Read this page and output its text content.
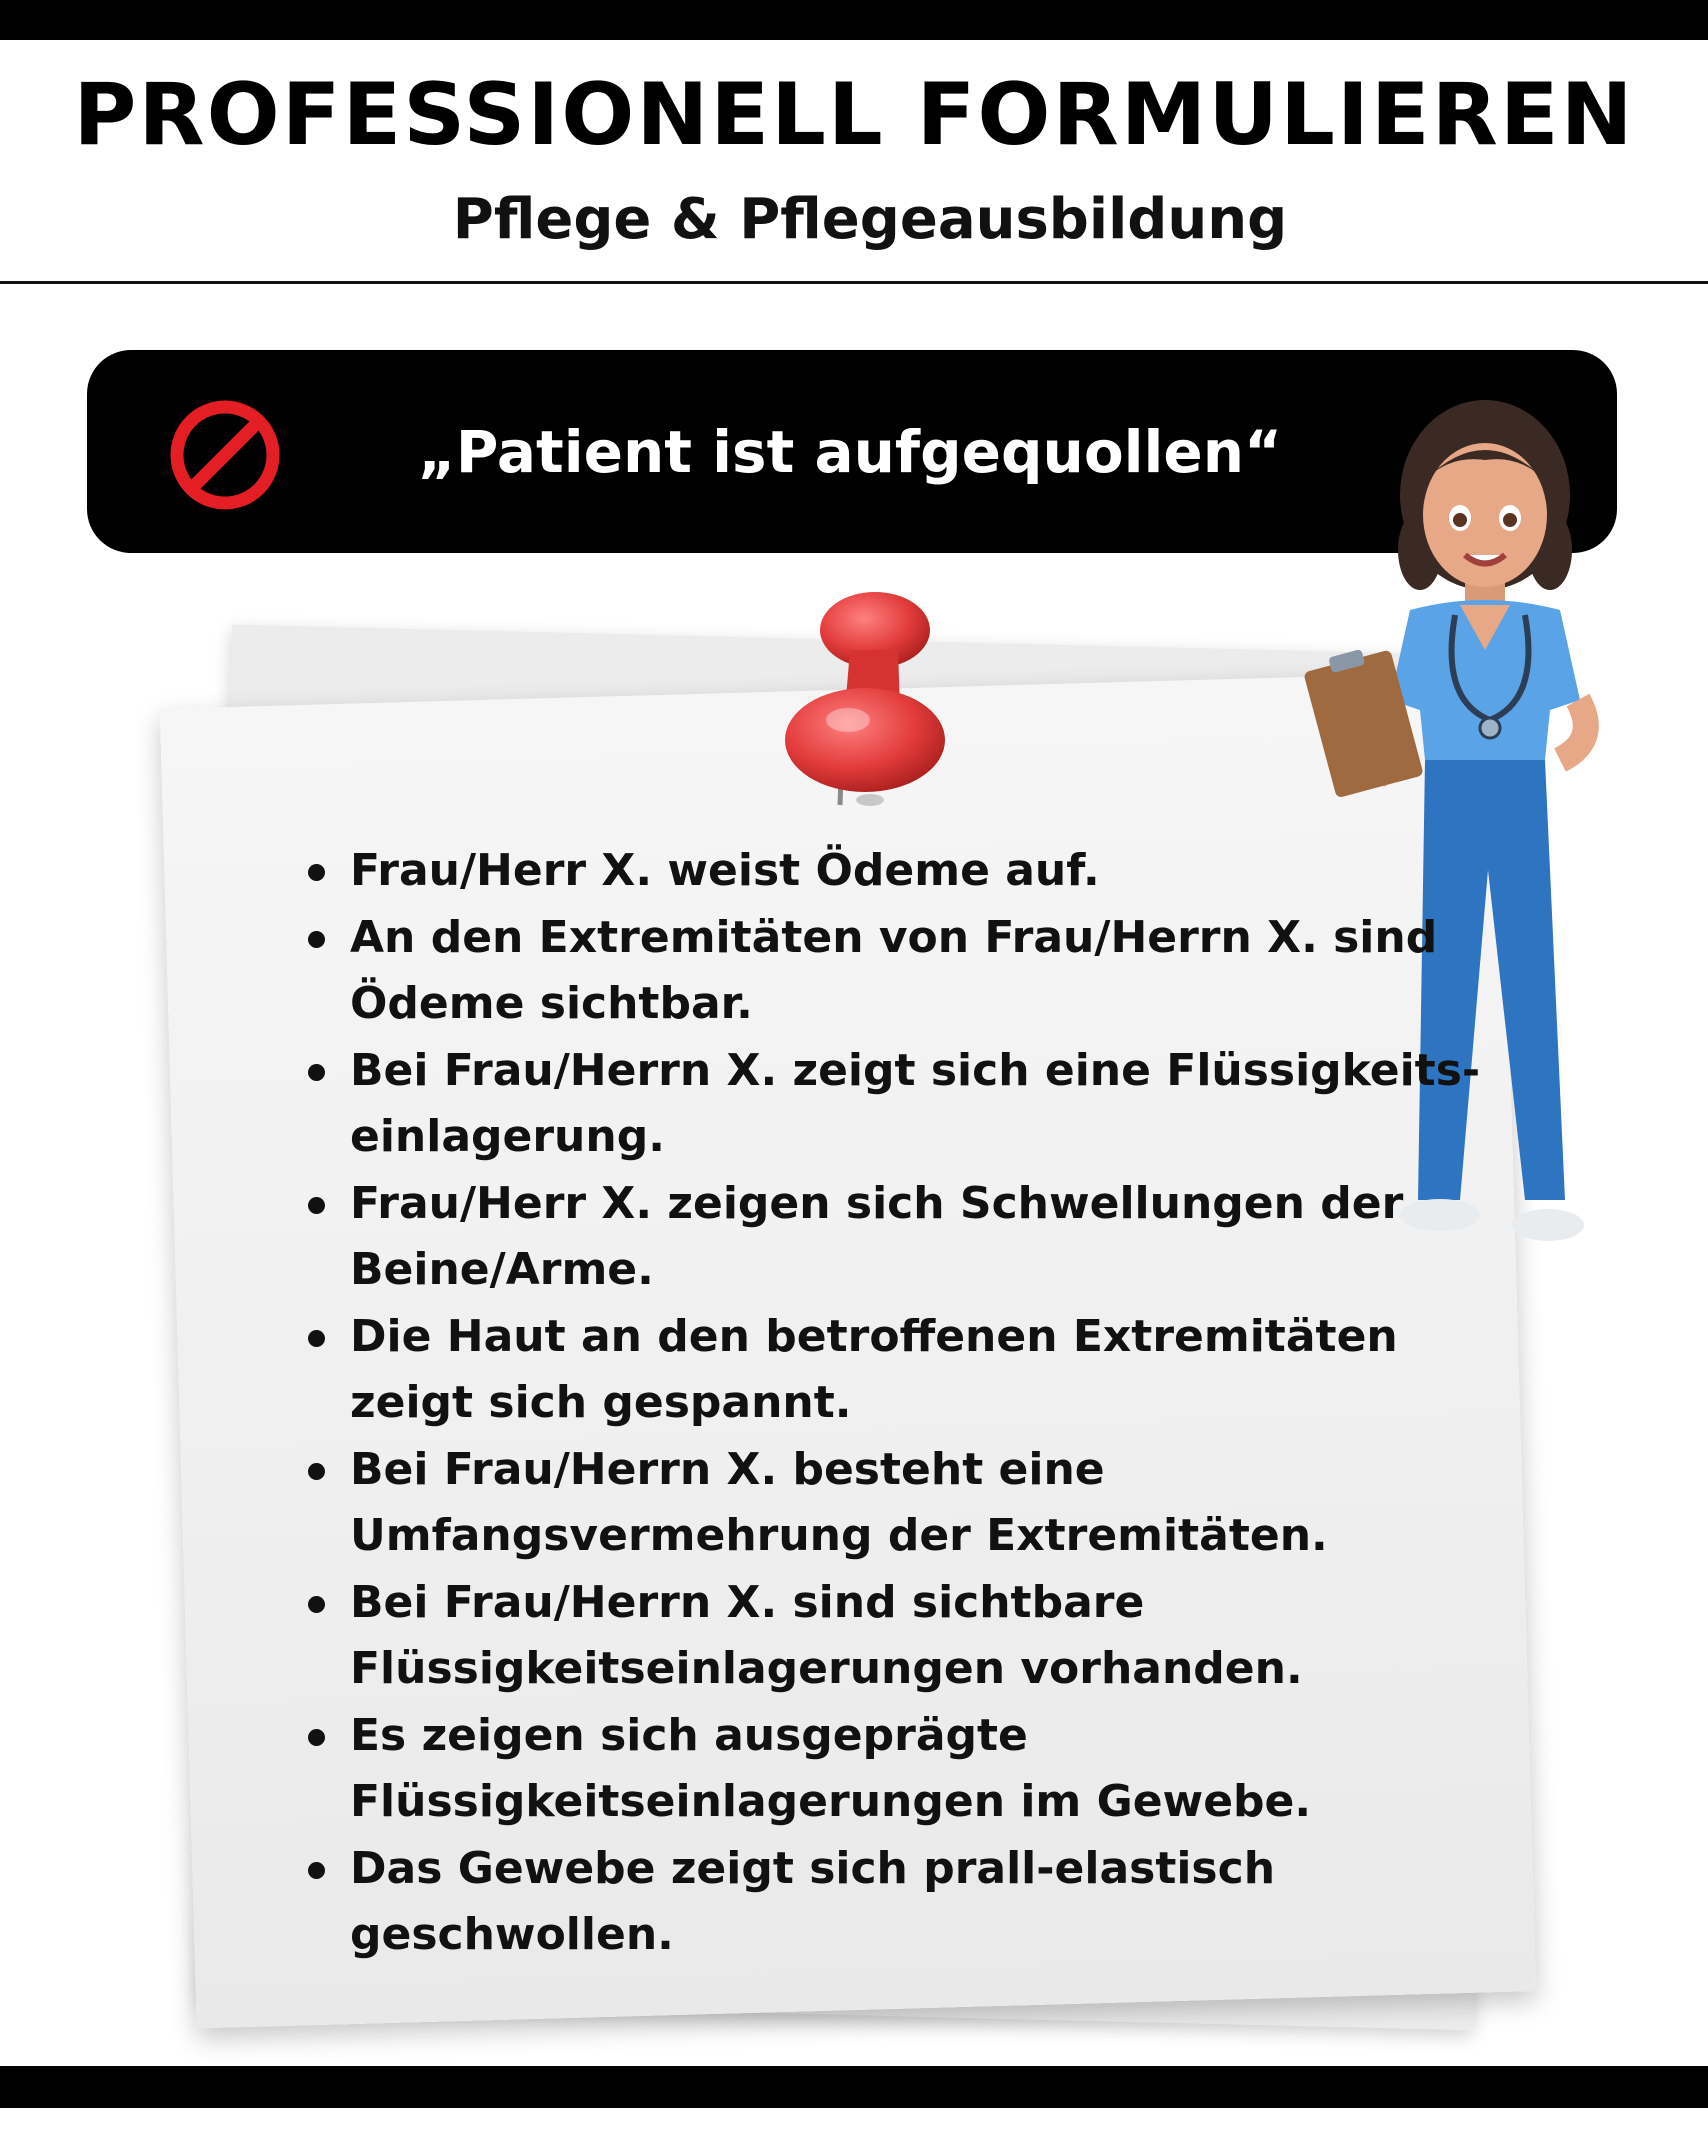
PROFESSIONELL FORMULIEREN
Pflege & Pflegeausbildung
„Patient ist aufgequollen“
Frau/Herr X. weist Ödeme auf.
An den Extremitäten von Frau/Herrn X. sind Ödeme sichtbar.
Bei Frau/Herrn X. zeigt sich eine Flüssigkeits- einlagerung.
Frau/Herr X. zeigen sich Schwellungen der Beine/Arme.
Die Haut an den betroffenen Extremitäten zeigt sich gespannt.
Bei Frau/Herrn X. besteht eine Umfangsvermehrung der Extremitäten.
Bei Frau/Herrn X. sind sichtbare Flüssigkeitseinlagerungen vorhanden.
Es zeigen sich ausgeprägte Flüssigkeitseinlagerungen im Gewebe.
Das Gewebe zeigt sich prall-elastisch geschwollen.
